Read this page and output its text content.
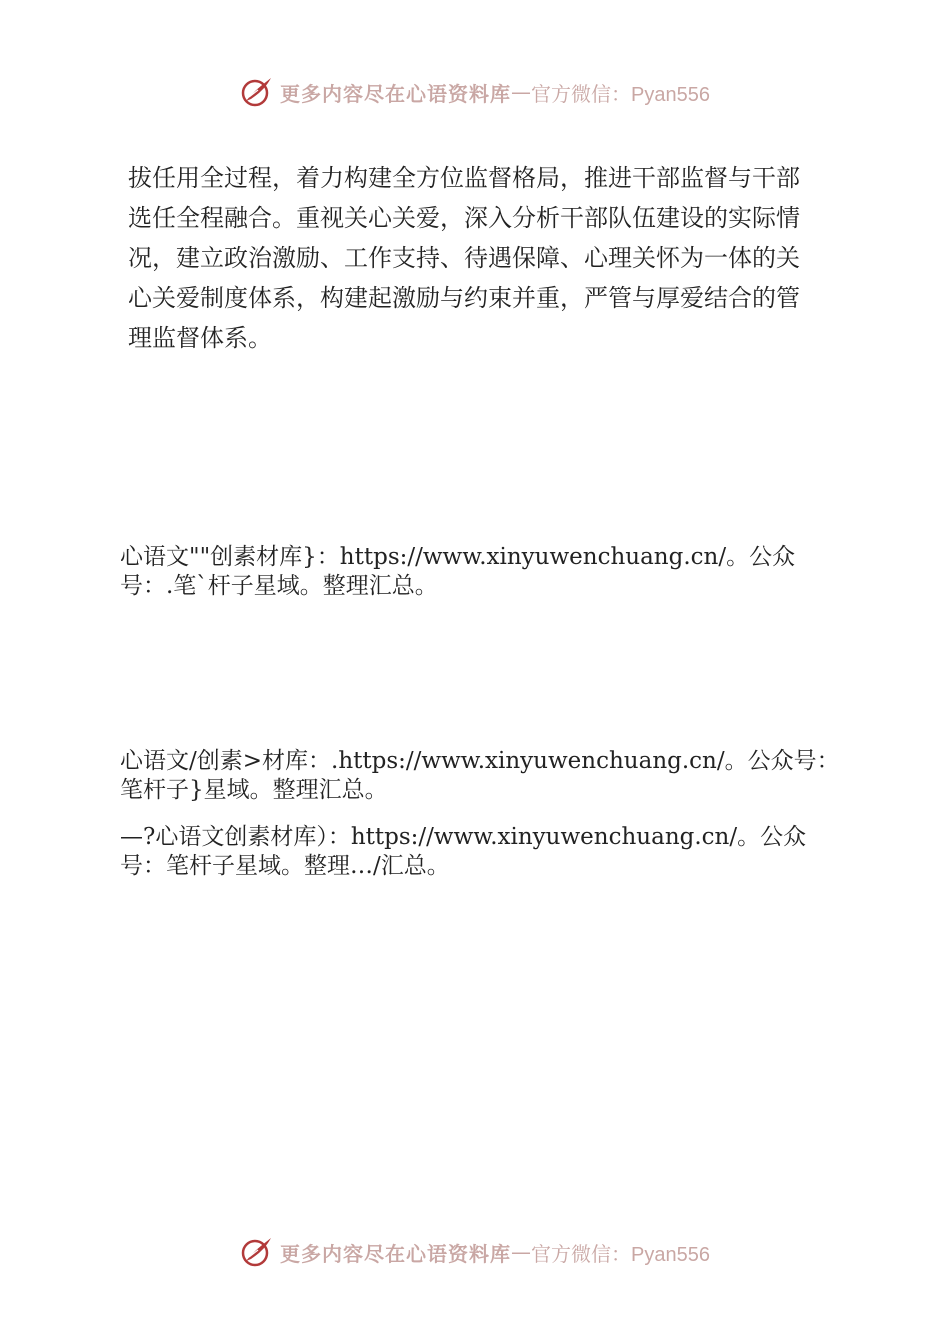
更多内容尽在心语资料库 — 官方微信：Pyan556

拔任用全过程，着力构建全方位监督格局，推进干部监督与干部
选任全程融合。重视关心关爱，深入分析干部队伍建设的实际情
况，建立政治激励、工作支持、待遇保障、心理关怀为一体的关
心关爱制度体系，构建起激励与约束并重，严管与厚爱结合的管
理监督体系。

心语文""创素材库}：https://www.xinyuwenchuang.cn/。公众
号：.笔`杆子星域。整理汇总。

心语文/创素>材库：.https://www.xinyuwenchuang.cn/。公众号：
笔杆子}星域。整理汇总。

—?心语文创素材库）：https://www.xinyuwenchuang.cn/。公众
号：笔杆子星域。整理…/汇总。

更多内容尽在心语资料库 — 官方微信：Pyan556
